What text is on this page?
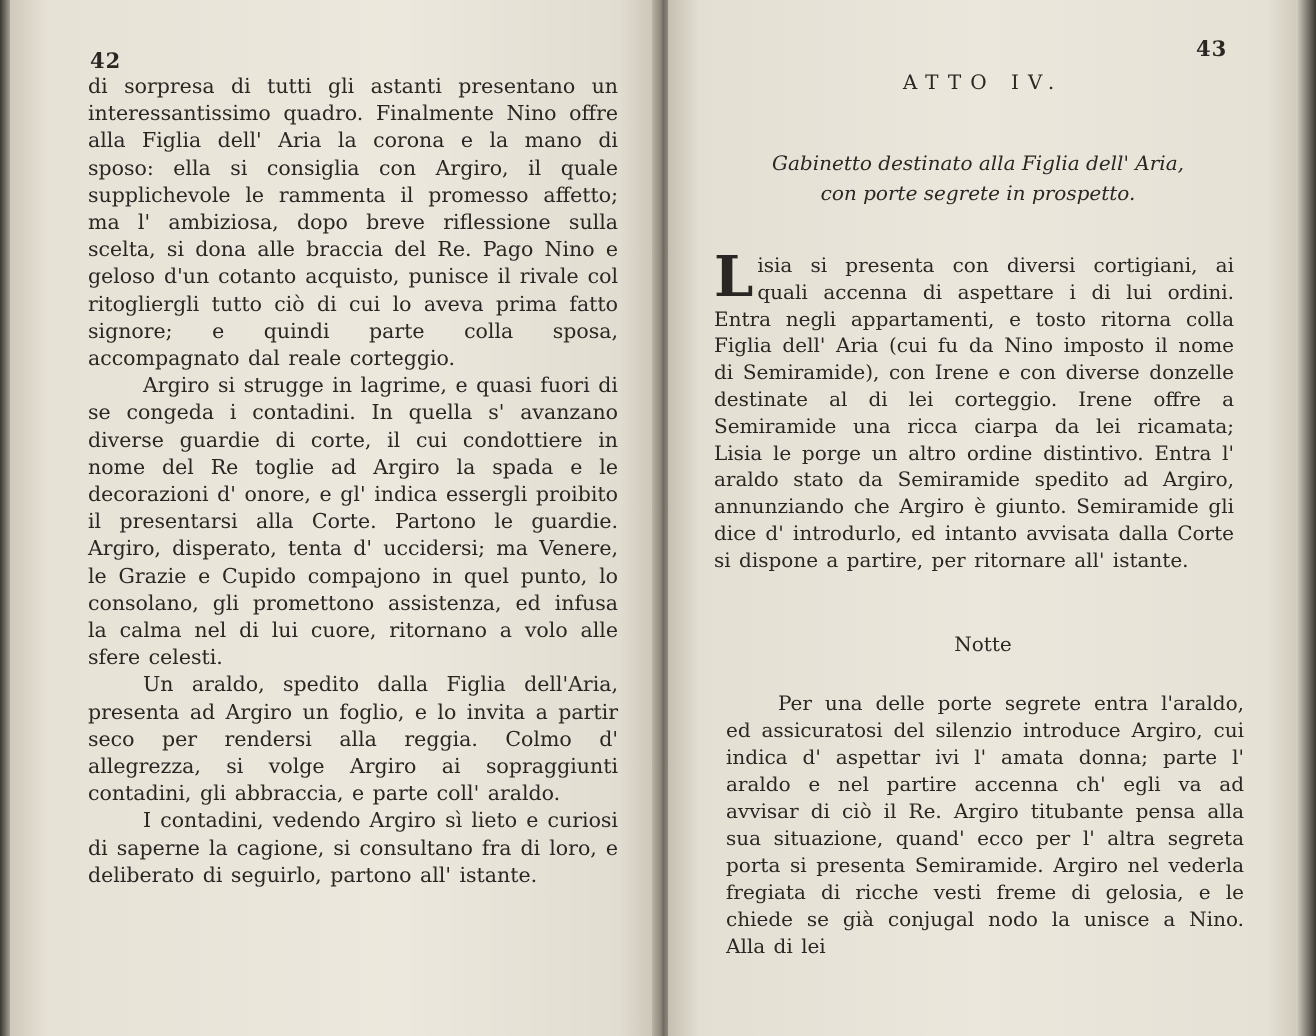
42

di sorpresa di tutti gli astanti presentano un interessantissimo quadro. Finalmente Nino offre alla Figlia dell' Aria la corona e la mano di sposo: ella si consiglia con Argiro, il quale supplichevole le rammenta il promesso affetto; ma l' ambiziosa, dopo breve riflessione sulla scelta, si dona alle braccia del Re. Pago Nino e geloso d'un cotanto acquisto, punisce il rivale col ritogliergli tutto ciò di cui lo aveva prima fatto signore; e quindi parte colla sposa, accompagnato dal reale corteggio.

Argiro si strugge in lagrime, e quasi fuori di se congeda i contadini. In quella s' avanzano diverse guardie di corte, il cui condottiere in nome del Re toglie ad Argiro la spada e le decorazioni d' onore, e gl' indica essergli proibito il presentarsi alla Corte. Partono le guardie. Argiro, disperato, tenta d' uccidersi; ma Venere, le Grazie e Cupido compajono in quel punto, lo consolano, gli promettono assistenza, ed infusa la calma nel di lui cuore, ritornano a volo alle sfere celesti.

Un araldo, spedito dalla Figlia dell'Aria, presenta ad Argiro un foglio, e lo invita a partir seco per rendersi alla reggia. Colmo d' allegrezza, si volge Argiro ai sopraggiunti contadini, gli abbraccia, e parte coll' araldo.

I contadini, vedendo Argiro sì lieto e curiosi di saperne la cagione, si consultano fra di loro, e deliberato di seguirlo, partono all' istante.

43
ATTO IV.
Gabinetto destinato alla Figlia dell' Aria,
con porte segrete in prospetto.

Lisia si presenta con diversi cortigiani, ai quali accenna di aspettare i di lui ordini. Entra negli appartamenti, e tosto ritorna colla Figlia dell' Aria (cui fu da Nino imposto il nome di Semiramide), con Irene e con diverse donzelle destinate al di lei corteggio. Irene offre a Semiramide una ricca ciarpa da lei ricamata; Lisia le porge un altro ordine distintivo. Entra l' araldo stato da Semiramide spedito ad Argiro, annunziando che Argiro è giunto. Semiramide gli dice d' introdurlo, ed intanto avvisata dalla Corte si dispone a partire, per ritornare all' istante.

Notte

Per una delle porte segrete entra l'araldo, ed assicuratosi del silenzio introduce Argiro, cui indica d' aspettar ivi l' amata donna; parte l' araldo e nel partire accenna ch' egli va ad avvisar di ciò il Re. Argiro titubante pensa alla sua situazione, quand' ecco per l' altra segreta porta si presenta Semiramide. Argiro nel vederla fregiata di ricche vesti freme di gelosia, e le chiede se già conjugal nodo la unisce a Nino. Alla di lei
